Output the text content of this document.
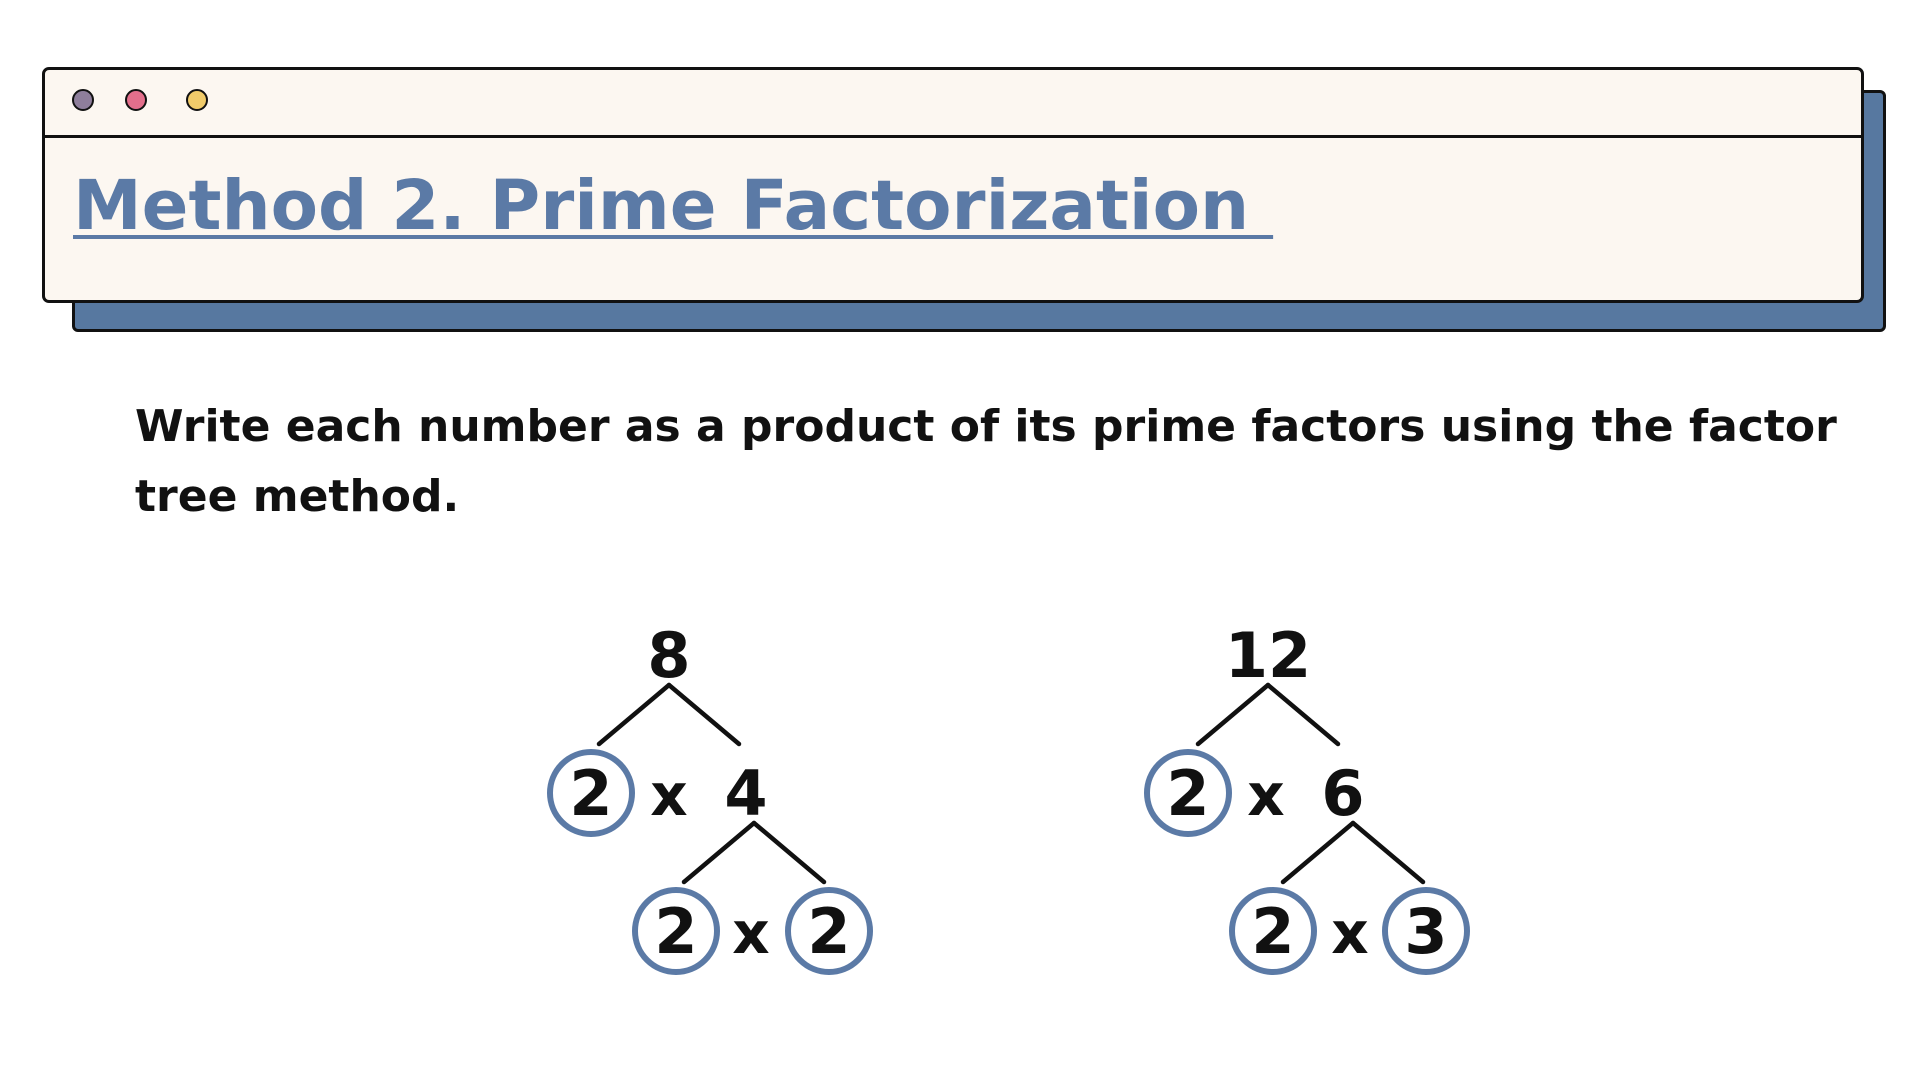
Method 2. Prime Factorization

Write each number as a product of its prime factors using the factor tree method.

8
2 x 4
2 x 2
12
2 x 6
2 x 3
